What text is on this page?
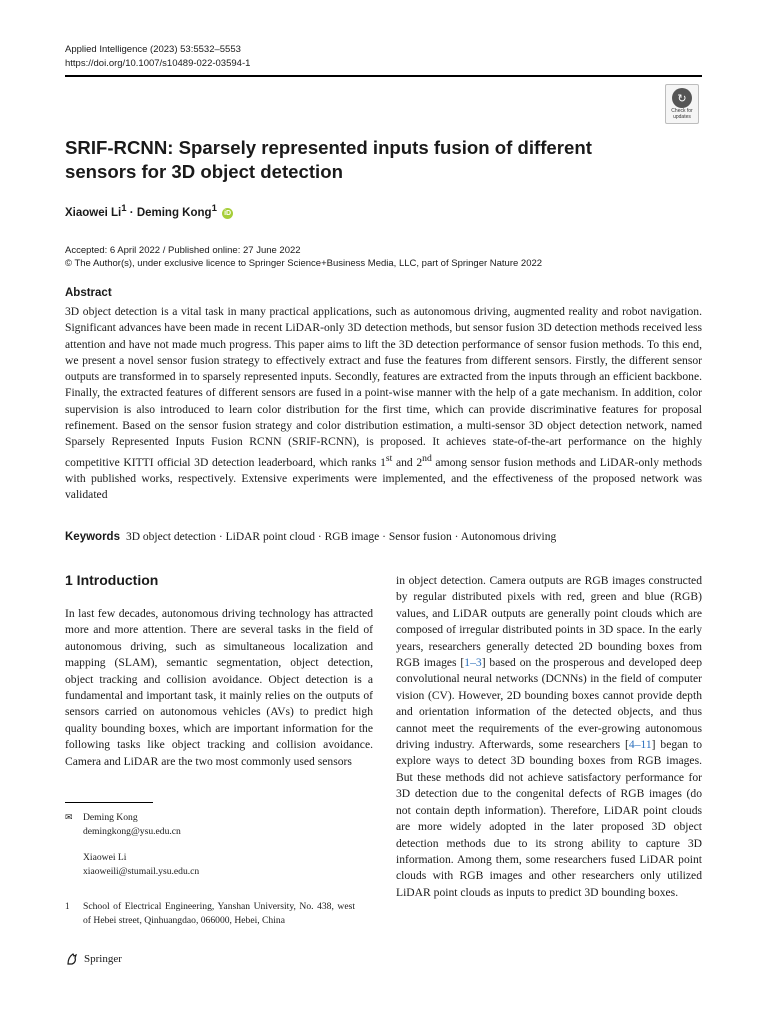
Applied Intelligence (2023) 53:5532–5553
https://doi.org/10.1007/s10489-022-03594-1
↻
Check for
updates
SRIF-RCNN: Sparsely represented inputs fusion of different sensors for 3D object detection
Xiaowei $Li^1 \cdot Deming$ Kong$^1$ iD
Accepted: 6 April 2022 / Published online: 27 June 2022
© The Author(s), under exclusive licence to Springer Science+Business Media, LLC, part of Springer Nature 2022
Abstract

3D object detection is a vital task in many practical applications, such as autonomous driving, augmented reality and robot navigation. Significant advances have been made in recent LiDAR-only 3D detection methods, but sensor fusion 3D detection methods received less attention and have not made much progress. This paper aims to lift the 3D detection performance of sensor fusion methods. To this end, we present a novel sensor fusion strategy to effectively extract and fuse the features from different sensors. Firstly, the different sensor outputs are transformed in to sparsely represented inputs. Secondly, features are extracted from the inputs through an efficient backbone. Finally, the extracted features of different sensors are fused in a point-wise manner with the help of a gate mechanism. In addition, color supervision is also introduced to learn color distribution for the first time, which can provide discriminative features for proposal refinement. Based on the sensor fusion strategy and color distribution estimation, a multi-sensor 3D object detection network, named Sparsely Represented Inputs Fusion RCNN (SRIF-RCNN), is proposed. It achieves state-of-the-art performance on the highly competitive KITTI official 3D detection leaderboard, which ranks 1st and 2nd among sensor fusion methods and LiDAR-only methods with published works, respectively. Extensive experiments were implemented, and the effectiveness of the proposed network was validated

Keywords 3D object detection · LiDAR point cloud · RGB image · Sensor fusion · Autonomous driving
1 Introduction

In last few decades, autonomous driving technology has attracted more and more attention. There are several tasks in the field of autonomous driving, such as simultaneous localization and mapping (SLAM), semantic segmentation, object detection, object tracking and collision avoidance. Object detection is a fundamental and important task, it mainly relies on the outputs of sensors carried on autonomous vehicles (AVs) to predict high quality bounding boxes, which are important information for the following tasks like object tracking and collision avoidance. Camera and LiDAR are the two most commonly used sensors

in object detection. Camera outputs are RGB images constructed by regular distributed pixels with red, green and blue (RGB) values, and LiDAR outputs are generally point clouds which are composed of irregular distributed points in 3D space. In the early years, researchers generally detected 2D bounding boxes from RGB images [1–3] based on the prosperous and developed deep convolutional neural networks (DCNNs) in the field of computer vision (CV). However, 2D bounding boxes cannot provide depth and orientation information of the detected objects, and thus cannot meet the requirements of the ever-growing autonomous driving industry. Afterwards, some researchers [4–11] began to explore ways to detect 3D bounding boxes from RGB images. But these methods did not achieve satisfactory performance for 3D detection due to the congenital defects of RGB images (do not contain depth information). Therefore, LiDAR point clouds are more widely adopted in the later proposed 3D object detection methods due to its strong ability to capture 3D information. Among them, some researchers fused LiDAR point clouds with RGB images and other researchers only utilized LiDAR point clouds as inputs to predict 3D bounding boxes.

✉ Deming Kong
demingkong@ysu.edu.cn
Xiaowei Li
xiaoweili@stumail.ysu.edu.cn
1 School of Electrical Engineering, Yanshan University, No. 438, west of Hebei street, Qinhuangdao, 066000, Hebei, China
Springer
